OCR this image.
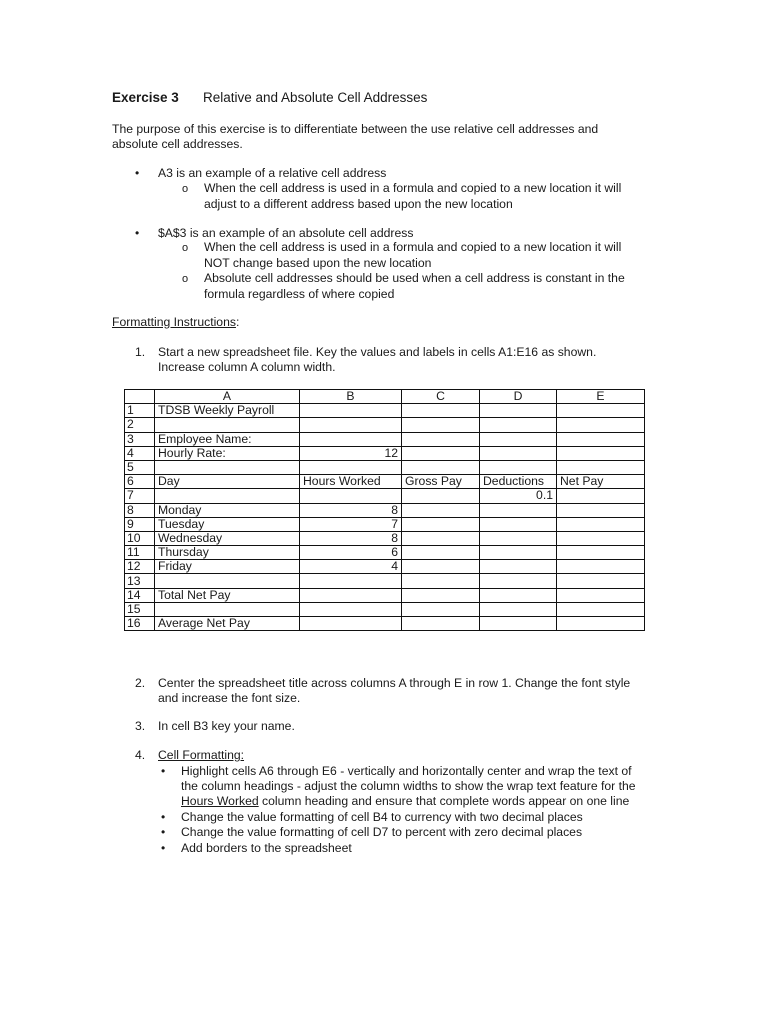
Exercise 3 Relative and Absolute Cell Addresses
The purpose of this exercise is to differentiate between the use relative cell addresses and
absolute cell addresses.
• A3 is an example of a relative cell address
o When the cell address is used in a formula and copied to a new location it will
adjust to a different address based upon the new location
• $A$3 is an example of an absolute cell address
o When the cell address is used in a formula and copied to a new location it will
NOT change based upon the new location
o Absolute cell addresses should be used when a cell address is constant in the
formula regardless of where copied
Formatting Instructions:
1. Start a new spreadsheet file. Key the values and labels in cells A1:E16 as shown.
Increase column A column width.
	A	B	C	D	E
1	TDSB Weekly Payroll				
2					
3	Employee Name:				
4	Hourly Rate:	12			
5					
6	Day	Hours Worked	Gross Pay	Deductions	Net Pay
7				0.1	
8	Monday	8			
9	Tuesday	7			
10	Wednesday	8			
11	Thursday	6			
12	Friday	4			
13					
14	Total Net Pay				
15					
16	Average Net Pay				
2. Center the spreadsheet title across columns A through E in row 1. Change the font style
and increase the font size.
3. In cell B3 key your name.
4. Cell Formatting:
• Highlight cells A6 through E6 - vertically and horizontally center and wrap the text of
the column headings - adjust the column widths to show the wrap text feature for the
Hours Worked column heading and ensure that complete words appear on one line
• Change the value formatting of cell B4 to currency with two decimal places
• Change the value formatting of cell D7 to percent with zero decimal places
• Add borders to the spreadsheet
